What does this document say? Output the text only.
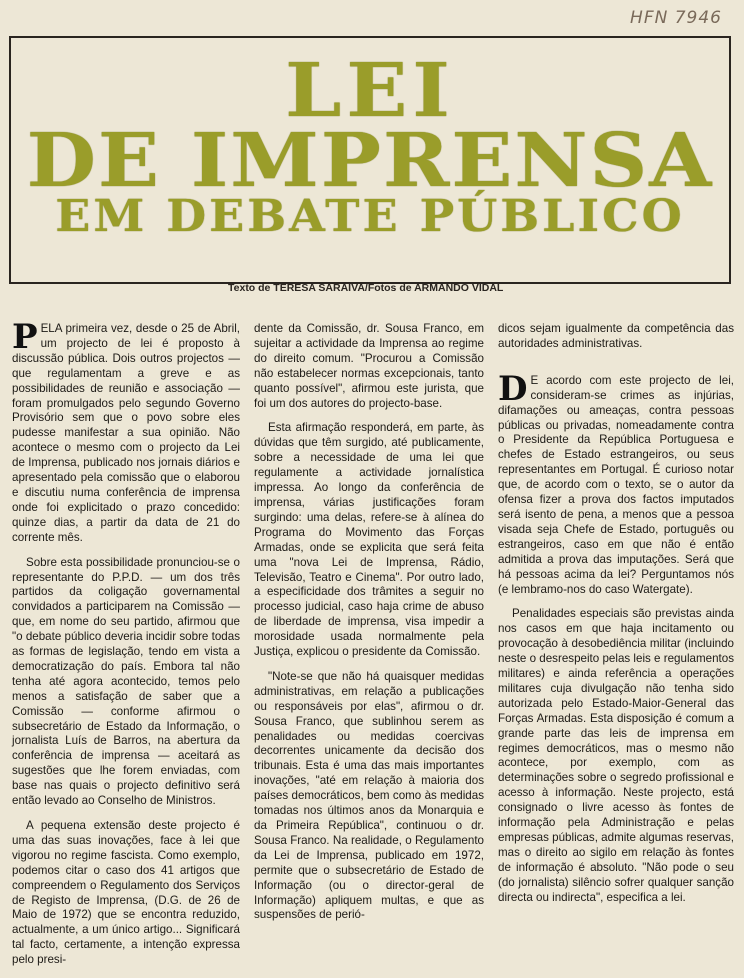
HFN 7946
LEI
DE IMPRENSA
EM DEBATE PÚBLICO
Texto de TERESA SARAIVA/Fotos de ARMANDO VIDAL

PELA primeira vez, desde o 25 de Abril, um projecto de lei é proposto à discussão pública. Dois outros projectos — que regulamentam a greve e as possibilidades de reunião e associação — foram promulgados pelo segundo Governo Provisório sem que o povo sobre eles pudesse manifestar a sua opinião. Não acontece o mesmo com o projecto da Lei de Imprensa, publicado nos jornais diários e apresentado pela comissão que o elaborou e discutiu numa conferência de imprensa onde foi explicitado o prazo concedido: quinze dias, a partir da data de 21 do corrente mês.

Sobre esta possibilidade pronunciou-se o representante do P.P.D. — um dos três partidos da coligação governamental convidados a participarem na Comissão — que, em nome do seu partido, afirmou que "o debate público deveria incidir sobre todas as formas de legislação, tendo em vista a democratização do país. Embora tal não tenha até agora acontecido, temos pelo menos a satisfação de saber que a Comissão — conforme afirmou o subsecretário de Estado da Informação, o jornalista Luís de Barros, na abertura da conferência de imprensa — aceitará as sugestões que lhe forem enviadas, com base nas quais o projecto definitivo será então levado ao Conselho de Ministros.

A pequena extensão deste projecto é uma das suas inovações, face à lei que vigorou no regime fascista. Como exemplo, podemos citar o caso dos 41 artigos que compreendem o Regulamento dos Serviços de Registo de Imprensa, (D.G. de 26 de Maio de 1972) que se encontra reduzido, actualmente, a um único artigo... Significará tal facto, certamente, a intenção expressa pelo presi-

dente da Comissão, dr. Sousa Franco, em sujeitar a actividade da Imprensa ao regime do direito comum. "Procurou a Comissão não estabelecer normas excepcionais, tanto quanto possível", afirmou este jurista, que foi um dos autores do projecto-base.

Esta afirmação responderá, em parte, às dúvidas que têm surgido, até publicamente, sobre a necessidade de uma lei que regulamente a actividade jornalística impressa. Ao longo da conferência de imprensa, várias justificações foram surgindo: uma delas, refere-se à alínea do Programa do Movimento das Forças Armadas, onde se explicita que será feita uma "nova Lei de Imprensa, Rádio, Televisão, Teatro e Cinema". Por outro lado, a especificidade dos trâmites a seguir no processo judicial, caso haja crime de abuso de liberdade de imprensa, visa impedir a morosidade usada normalmente pela Justiça, explicou o presidente da Comissão.

"Note-se que não há quaisquer medidas administrativas, em relação a publicações ou responsáveis por elas", afirmou o dr. Sousa Franco, que sublinhou serem as penalidades ou medidas coercivas decorrentes unicamente da decisão dos tribunais. Esta é uma das mais importantes inovações, "até em relação à maioria dos países democráticos, bem como às medidas tomadas nos últimos anos da Monarquia e da Primeira República", continuou o dr. Sousa Franco. Na realidade, o Regulamento da Lei de Imprensa, publicado em 1972, permite que o subsecretário de Estado de Informação (ou o director-geral de Informação) apliquem multas, e que as suspensões de perió-

dicos sejam igualmente da competência das autoridades administrativas.

D E acordo com este projecto de lei, consideram-se crimes as injúrias, difamações ou ameaças, contra pessoas públicas ou privadas, nomeadamente contra o Presidente da República Portuguesa e chefes de Estado estrangeiros, ou seus representantes em Portugal. É curioso notar que, de acordo com o texto, se o autor da ofensa fizer a prova dos factos imputados será isento de pena, a menos que a pessoa visada seja Chefe de Estado, português ou estrangeiros, caso em que não é então admitida a prova das imputações. Será que há pessoas acima da lei? Perguntamos nós (e lembramo-nos do caso Watergate).

Penalidades especiais são previstas ainda nos casos em que haja incitamento ou provocação à desobediência militar (incluindo neste o desrespeito pelas leis e regulamentos militares) e ainda referência a operações militares cuja divulgação não tenha sido autorizada pelo Estado-Maior-General das Forças Armadas. Esta disposição é comum a grande parte das leis de imprensa em regimes democráticos, mas o mesmo não acontece, por exemplo, com as determinações sobre o segredo profissional e acesso à informação. Neste projecto, está consignado o livre acesso às fontes de informação pela Administração e pelas empresas públicas, admite algumas reservas, mas o direito ao sigilo em relação às fontes de informação é absoluto. "Não pode o seu (do jornalista) silêncio sofrer qualquer sanção directa ou indirecta", especifica a lei.
